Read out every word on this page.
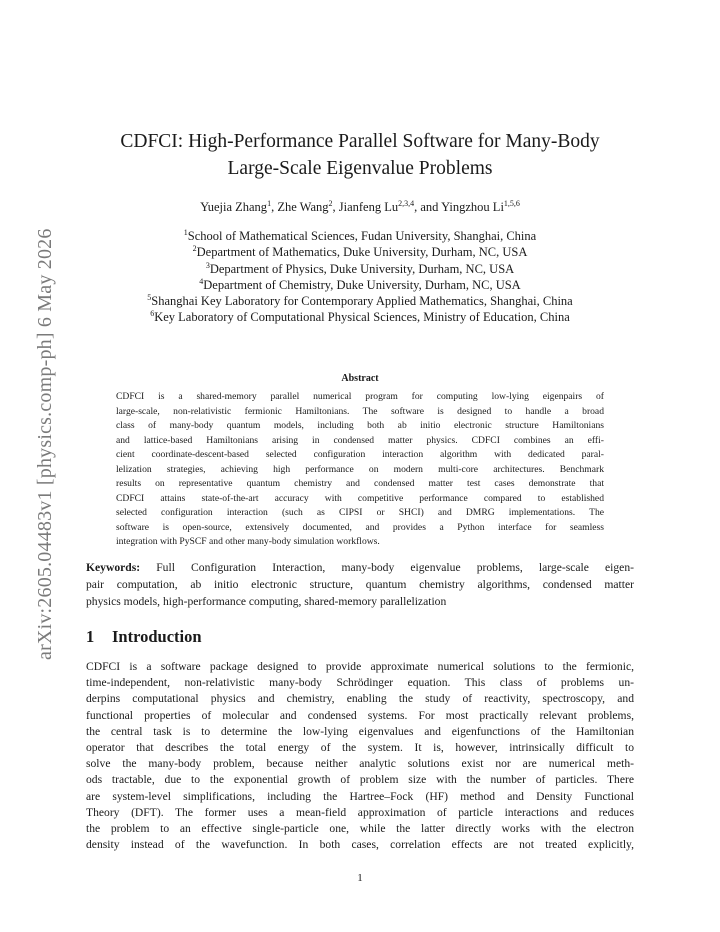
arXiv:2605.04483v1 [physics.comp-ph] 6 May 2026
CDFCI: High-Performance Parallel Software for Many-Body
Large-Scale Eigenvalue Problems
Yuejia Zhang$^1$, Zhe Wang$^2$, Jianfeng Lu$^{2,3,4}$, and Yingzhou Li$^{1,5,6}$
$^1$School of Mathematical Sciences, Fudan University, Shanghai, China
$^2$Department of Mathematics, Duke University, Durham, NC, USA
$^3$Department of Physics, Duke University, Durham, NC, USA
$^4$Department of Chemistry, Duke University, Durham, NC, USA
$^5$Shanghai Key Laboratory for Contemporary Applied Mathematics, Shanghai, China
$^6$Key Laboratory of Computational Physical Sciences, Ministry of Education, China
Abstract
CDFCI is a shared-memory parallel numerical program for computing low-lying eigenpairs of
large-scale, non-relativistic fermionic Hamiltonians. The software is designed to handle a broad
class of many-body quantum models, including both ab initio electronic structure Hamiltonians
and lattice-based Hamiltonians arising in condensed matter physics. CDFCI combines an effi-
cient coordinate-descent-based selected configuration interaction algorithm with dedicated paral-
lelization strategies, achieving high performance on modern multi-core architectures. Benchmark
results on representative quantum chemistry and condensed matter test cases demonstrate that
CDFCI attains state-of-the-art accuracy with competitive performance compared to established
selected configuration interaction (such as CIPSI or SHCI) and DMRG implementations. The
software is open-source, extensively documented, and provides a Python interface for seamless
integration with PySCF and other many-body simulation workflows.
Keywords: Full Configuration Interaction, many-body eigenvalue problems, large-scale eigen-
pair computation, ab initio electronic structure, quantum chemistry algorithms, condensed matter
physics models, high-performance computing, shared-memory parallelization
1 Introduction
CDFCI is a software package designed to provide approximate numerical solutions to the fermionic,
time-independent, non-relativistic many-body Schrödinger equation. This class of problems un-
derpins computational physics and chemistry, enabling the study of reactivity, spectroscopy, and
functional properties of molecular and condensed systems. For most practically relevant problems,
the central task is to determine the low-lying eigenvalues and eigenfunctions of the Hamiltonian
operator that describes the total energy of the system. It is, however, intrinsically difficult to
solve the many-body problem, because neither analytic solutions exist nor are numerical meth-
ods tractable, due to the exponential growth of problem size with the number of particles. There
are system-level simplifications, including the Hartree–Fock (HF) method and Density Functional
Theory (DFT). The former uses a mean-field approximation of particle interactions and reduces
the problem to an effective single-particle one, while the latter directly works with the electron
density instead of the wavefunction. In both cases, correlation effects are not treated explicitly,
1
